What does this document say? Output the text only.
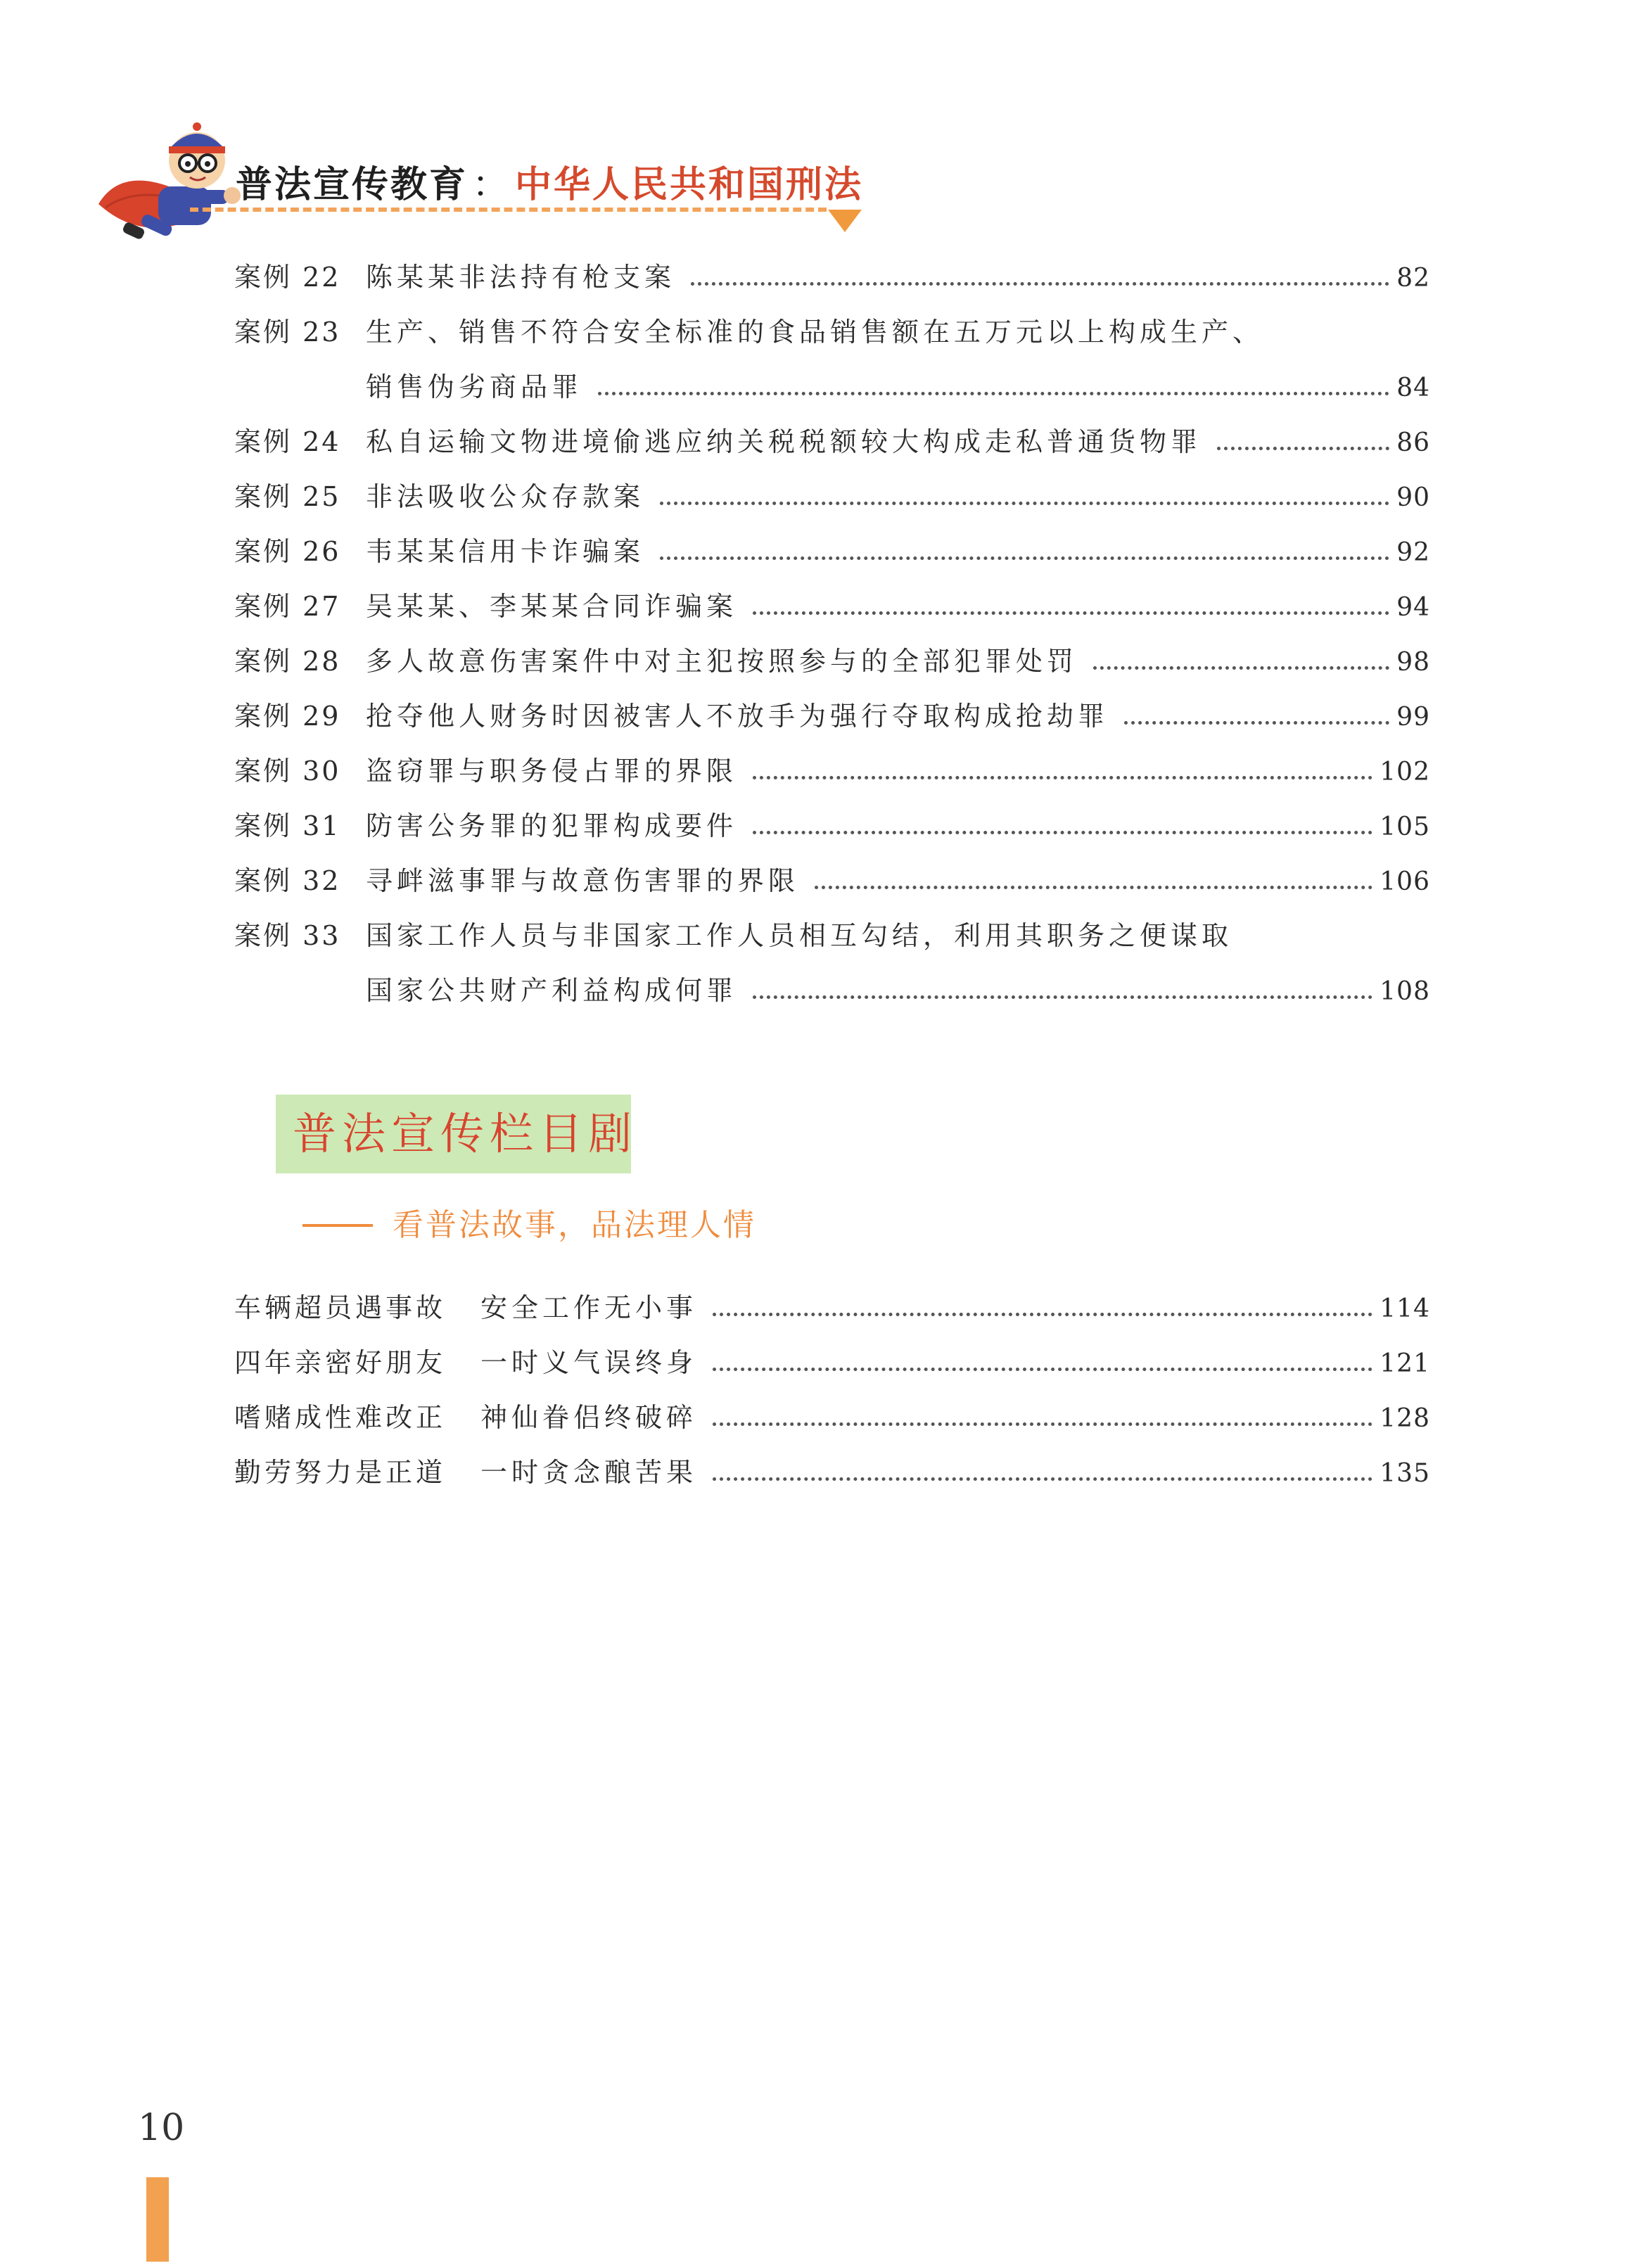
普法宣传教育 ： 中华人民共和国刑法
案例 22 陈某某非法持有枪支案	82
案例 23 生产、销售不符合安全标准的食品销售额在五万元以上构成生产、
销售伪劣商品罪	84
案例 24 私自运输文物进境偷逃应纳关税税额较大构成走私普通货物罪	86
案例 25 非法吸收公众存款案	90
案例 26 韦某某信用卡诈骗案	92
案例 27 吴某某、李某某合同诈骗案	94
案例 28 多人故意伤害案件中对主犯按照参与的全部犯罪处罚	98
案例 29 抢夺他人财务时因被害人不放手为强行夺取构成抢劫罪	99
案例 30 盗窃罪与职务侵占罪的界限	102
案例 31 防害公务罪的犯罪构成要件	105
案例 32 寻衅滋事罪与故意伤害罪的界限	106
案例 33 国家工作人员与非国家工作人员相互勾结，利用其职务之便谋取
国家公共财产利益构成何罪	108
普法宣传栏目剧
看普法故事，品法理人情
车辆超员遇事故 安全工作无小事	114
四年亲密好朋友 一时义气误终身	121
嗜赌成性难改正 神仙眷侣终破碎	128
勤劳努力是正道 一时贪念酿苦果	135
10
